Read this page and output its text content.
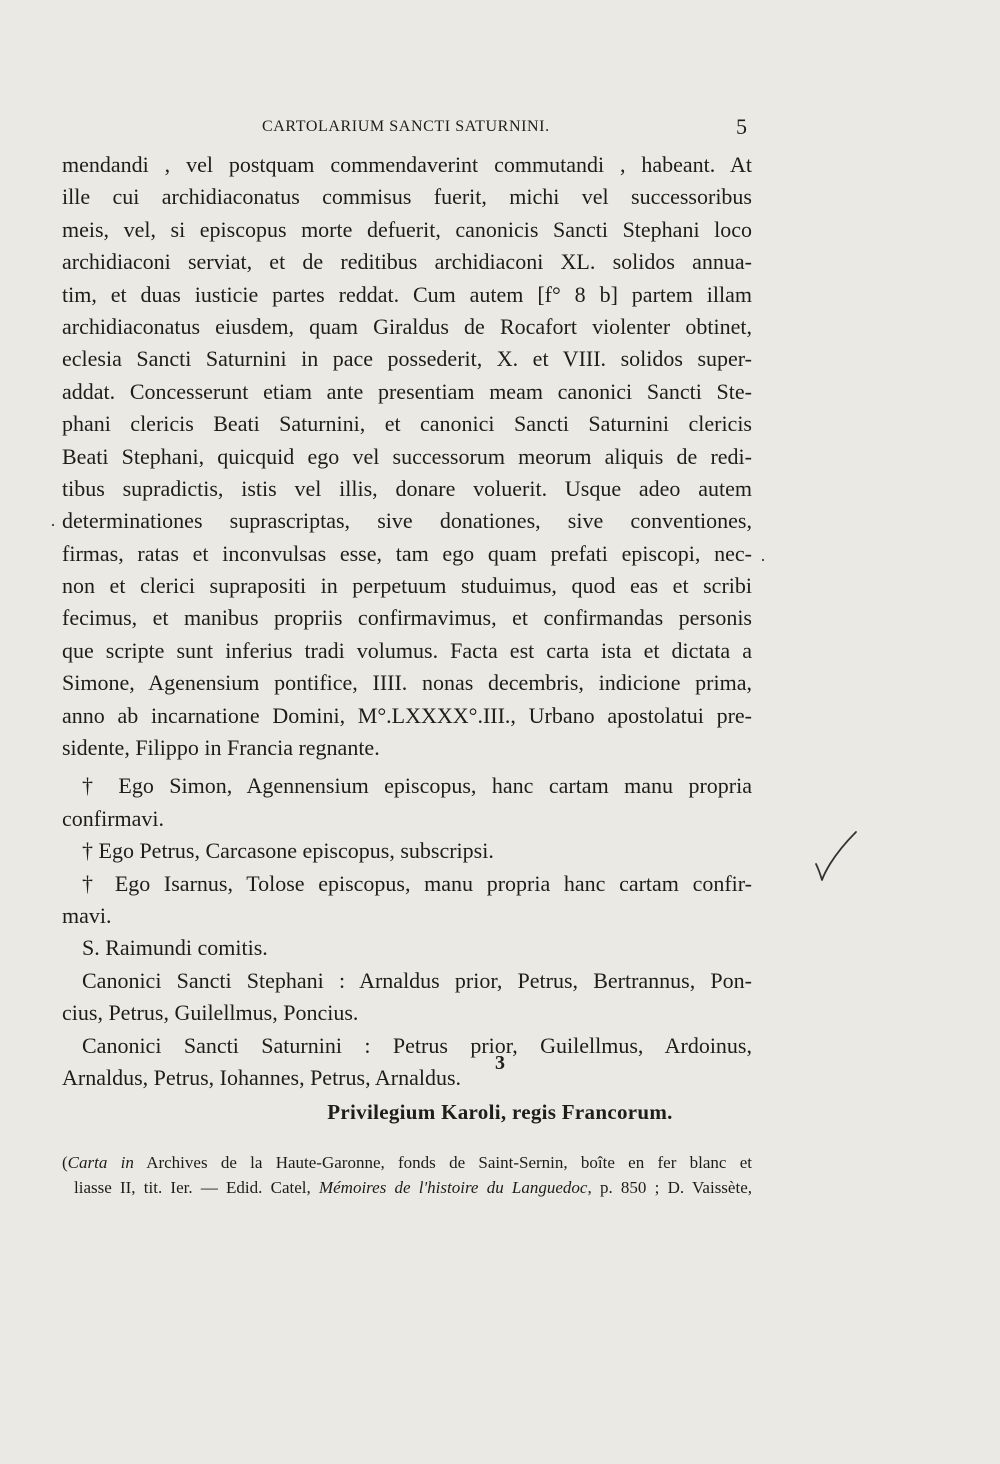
CARTOLARIUM SANCTI SATURNINI.	5
mendandi , vel postquam commendaverint commutandi , habeant. At
ille cui archidiaconatus commisus fuerit, michi vel successoribus
meis, vel, si episcopus morte defuerit, canonicis Sancti Stephani loco
archidiaconi serviat, et de reditibus archidiaconi XL. solidos annua-
tim, et duas iusticie partes reddat. Cum autem [f° 8 b] partem illam
archidiaconatus eiusdem, quam Giraldus de Rocafort violenter obtinet,
eclesia Sancti Saturnini in pace possederit, X. et VIII. solidos super-
addat. Concesserunt etiam ante presentiam meam canonici Sancti Ste-
phani clericis Beati Saturnini, et canonici Sancti Saturnini clericis
Beati Stephani, quicquid ego vel successorum meorum aliquis de redi-
tibus supradictis, istis vel illis, donare voluerit. Usque adeo autem
determinationes suprascriptas, sive donationes, sive conventiones,
firmas, ratas et inconvulsas esse, tam ego quam prefati episcopi, nec-
non et clerici suprapositi in perpetuum studuimus, quod eas et scribi
fecimus, et manibus propriis confirmavimus, et confirmandas personis
que scripte sunt inferius tradi volumus. Facta est carta ista et dictata a
Simone, Agenensium pontifice, IIII. nonas decembris, indicione prima,
anno ab incarnatione Domini, M°.LXXXX°.III., Urbano apostolatui pre-
sidente, Filippo in Francia regnante.
† Ego Simon, Agennensium episcopus, hanc cartam manu propria
confirmavi.
† Ego Petrus, Carcasone episcopus, subscripsi.
† Ego Isarnus, Tolose episcopus, manu propria hanc cartam confir-
mavi.
S. Raimundi comitis.
Canonici Sancti Stephani : Arnaldus prior, Petrus, Bertrannus, Pon-
cius, Petrus, Guilellmus, Poncius.
Canonici Sancti Saturnini : Petrus prior, Guilellmus, Ardoinus,
Arnaldus, Petrus, Iohannes, Petrus, Arnaldus.
·
·
3
Privilegium Karoli, regis Francorum.
(Carta in Archives de la Haute-Garonne, fonds de Saint-Sernin, boîte en fer blanc et
liasse II, tit. Ier. — Edid. Catel, Mémoires de l'histoire du Languedoc, p. 850 ; D. Vaissète,
